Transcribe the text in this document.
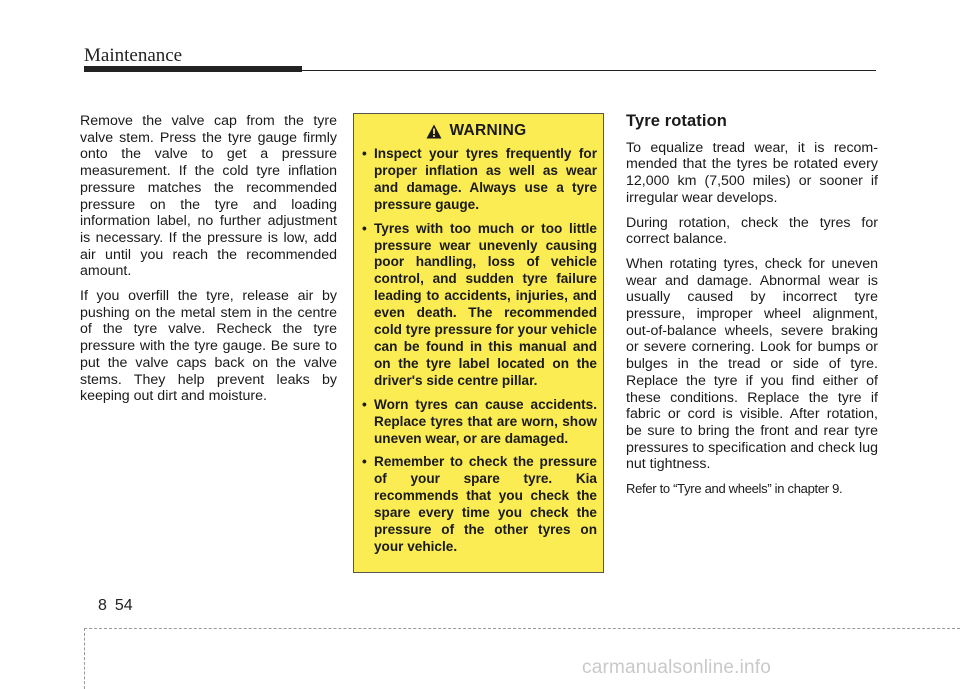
Maintenance

Remove the valve cap from the tyre valve stem. Press the tyre gauge firmly onto the valve to get a pressure measurement. If the cold tyre inflation pressure matches the recommended pressure on the tyre and loading information label, no further adjustment is necessary. If the pressure is low, add air until you reach the recommended amount.

If you overfill the tyre, release air by pushing on the metal stem in the centre of the tyre valve. Recheck the tyre pressure with the tyre gauge. Be sure to put the valve caps back on the valve stems. They help prevent leaks by keeping out dirt and moisture.

WARNING
• Inspect your tyres frequently for proper inflation as well as wear and damage. Always use a tyre pressure gauge.
• Tyres with too much or too little pressure wear unevenly causing poor handling, loss of vehicle control, and sudden tyre failure leading to accidents, injuries, and even death. The recommended cold tyre pressure for your vehicle can be found in this manual and on the tyre label located on the driver's side centre pillar.
• Worn tyres can cause accidents. Replace tyres that are worn, show uneven wear, or are damaged.
• Remember to check the pressure of your spare tyre. Kia recommends that you check the spare every time you check the pressure of the other tyres on your vehicle.
Tyre rotation

To equalize tread wear, it is recommended that the tyres be rotated every 12,000 km (7,500 miles) or sooner if irregular wear develops.

During rotation, check the tyres for correct balance.

When rotating tyres, check for uneven wear and damage. Abnormal wear is usually caused by incorrect tyre pressure, improper wheel alignment, out-of-balance wheels, severe braking or severe cornering. Look for bumps or bulges in the tread or side of tyre. Replace the tyre if you find either of these conditions. Replace the tyre if fabric or cord is visible. After rotation, be sure to bring the front and rear tyre pressures to specification and check lug nut tightness.

Refer to “Tyre and wheels” in chapter 9.

8 54
carmanualsonline.info
